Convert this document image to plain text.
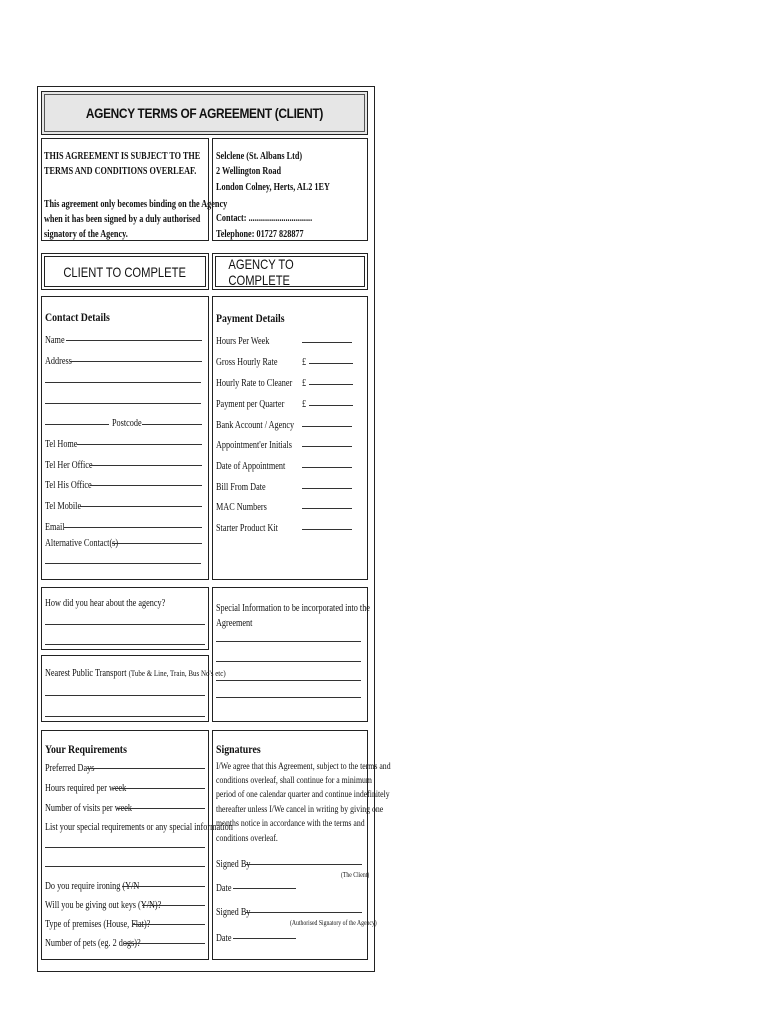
AGENCY TERMS OF AGREEMENT (CLIENT)
THIS AGREEMENT IS SUBJECT TO THE
TERMS AND CONDITIONS OVERLEAF.
This agreement only becomes binding on the Agency
when it has been signed by a duly authorised
signatory of the Agency.
Selclene (St. Albans Ltd)
2 Wellington Road
London Colney, Herts, AL2 1EY
Contact: ...............................
Telephone: 01727 828877
CLIENT TO COMPLETE	AGENCY TO COMPLETE
Contact Details
Name
Address
Postcode
Tel Home
Tel Her Office
Tel His Office
Tel Mobile
Email
Alternative Contact(s)
Payment Details
Hours Per Week
Gross Hourly Rate £
Hourly Rate to Cleaner £
Payment per Quarter £
Bank Account / Agency
Appointment'er Initials
Date of Appointment
Bill From Date
MAC Numbers
Starter Product Kit
How did you hear about the agency?
Nearest Public Transport (Tube & Line, Train, Bus No's etc)
Special Information to be incorporated into the
Agreement
Your Requirements
Preferred Days
Hours required per week
Number of visits per week
List your special requirements or any special information
Do you require ironing (Y/N
Will you be giving out keys (Y/N)?
Type of premises (House, Flat)?
Number of pets (eg. 2 dogs)?
Signatures
I/We agree that this Agreement, subject to the terms and
conditions overleaf, shall continue for a minimum
period of one calendar quarter and continue indefinitely
thereafter unless I/We cancel in writing by giving one
months notice in accordance with the terms and
conditions overleaf.
Signed By
(The Client)
Date
Signed By
(Authorised Signatory of the Agency)
Date
